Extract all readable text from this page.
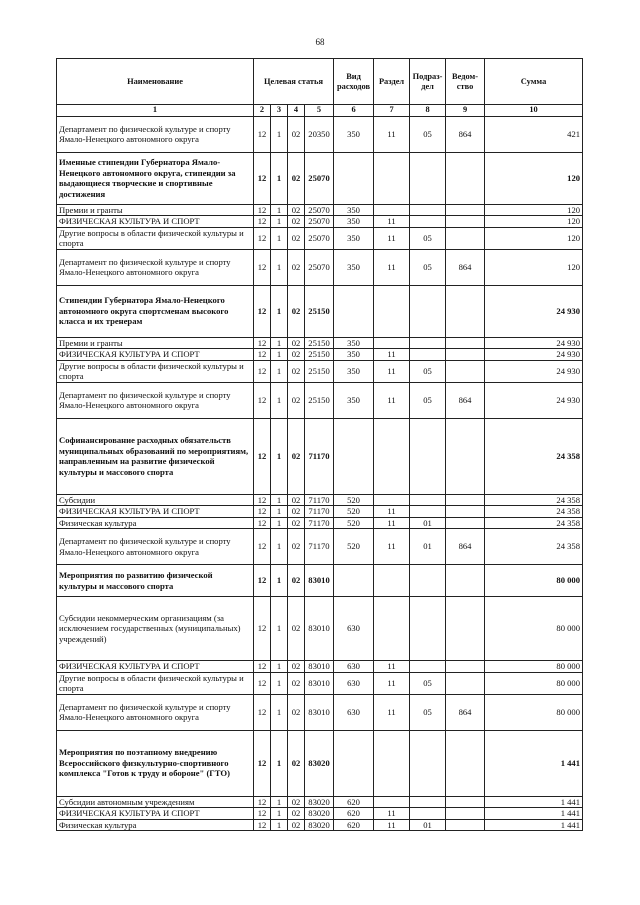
68
Наименование	Целевая статья				Вид расходов	Раздел	Подраз-дел	Ведом-ство	Сумма
1	2	3	4	5	6	7	8	9	10
Департамент по физической культуре и спорту Ямало-Ненецкого автономного округа	12	1	02	20350	350	11	05	864	421
Именные стипендии Губернатора Ямало-Ненецкого автономного округа, стипендии за выдающиеся творческие и спортивные достижения	12	1	02	25070					120
Премии и гранты	12	1	02	25070	350				120
ФИЗИЧЕСКАЯ КУЛЬТУРА И СПОРТ	12	1	02	25070	350	11			120
Другие вопросы в области физической культуры и спорта	12	1	02	25070	350	11	05		120
Департамент по физической культуре и спорту Ямало-Ненецкого автономного округа	12	1	02	25070	350	11	05	864	120
Стипендии Губернатора Ямало-Ненецкого автономного округа спортсменам высокого класса и их тренерам	12	1	02	25150					24 930
Премии и гранты	12	1	02	25150	350				24 930
ФИЗИЧЕСКАЯ КУЛЬТУРА И СПОРТ	12	1	02	25150	350	11			24 930
Другие вопросы в области физической культуры и спорта	12	1	02	25150	350	11	05		24 930
Департамент по физической культуре и спорту Ямало-Ненецкого автономного округа	12	1	02	25150	350	11	05	864	24 930
Софинансирование расходных обязательств муниципальных образований по мероприятиям, направленным на развитие физической культуры и массового спорта	12	1	02	71170					24 358
Субсидии	12	1	02	71170	520				24 358
ФИЗИЧЕСКАЯ КУЛЬТУРА И СПОРТ	12	1	02	71170	520	11			24 358
Физическая культура	12	1	02	71170	520	11	01		24 358
Департамент по физической культуре и спорту Ямало-Ненецкого автономного округа	12	1	02	71170	520	11	01	864	24 358
Мероприятия по развитию физической культуры и массового спорта	12	1	02	83010					80 000
Субсидии некоммерческим организациям (за исключением государственных (муниципальных) учреждений)	12	1	02	83010	630				80 000
ФИЗИЧЕСКАЯ КУЛЬТУРА И СПОРТ	12	1	02	83010	630	11			80 000
Другие вопросы в области физической культуры и спорта	12	1	02	83010	630	11	05		80 000
Департамент по физической культуре и спорту Ямало-Ненецкого автономного округа	12	1	02	83010	630	11	05	864	80 000
Мероприятия по поэтапному внедрению Всероссийского физкультурно-спортивного комплекса "Готов к труду и обороне" (ГТО)	12	1	02	83020					1 441
Субсидии автономным учреждениям	12	1	02	83020	620				1 441
ФИЗИЧЕСКАЯ КУЛЬТУРА И СПОРТ	12	1	02	83020	620	11			1 441
Физическая культура	12	1	02	83020	620	11	01		1 441
